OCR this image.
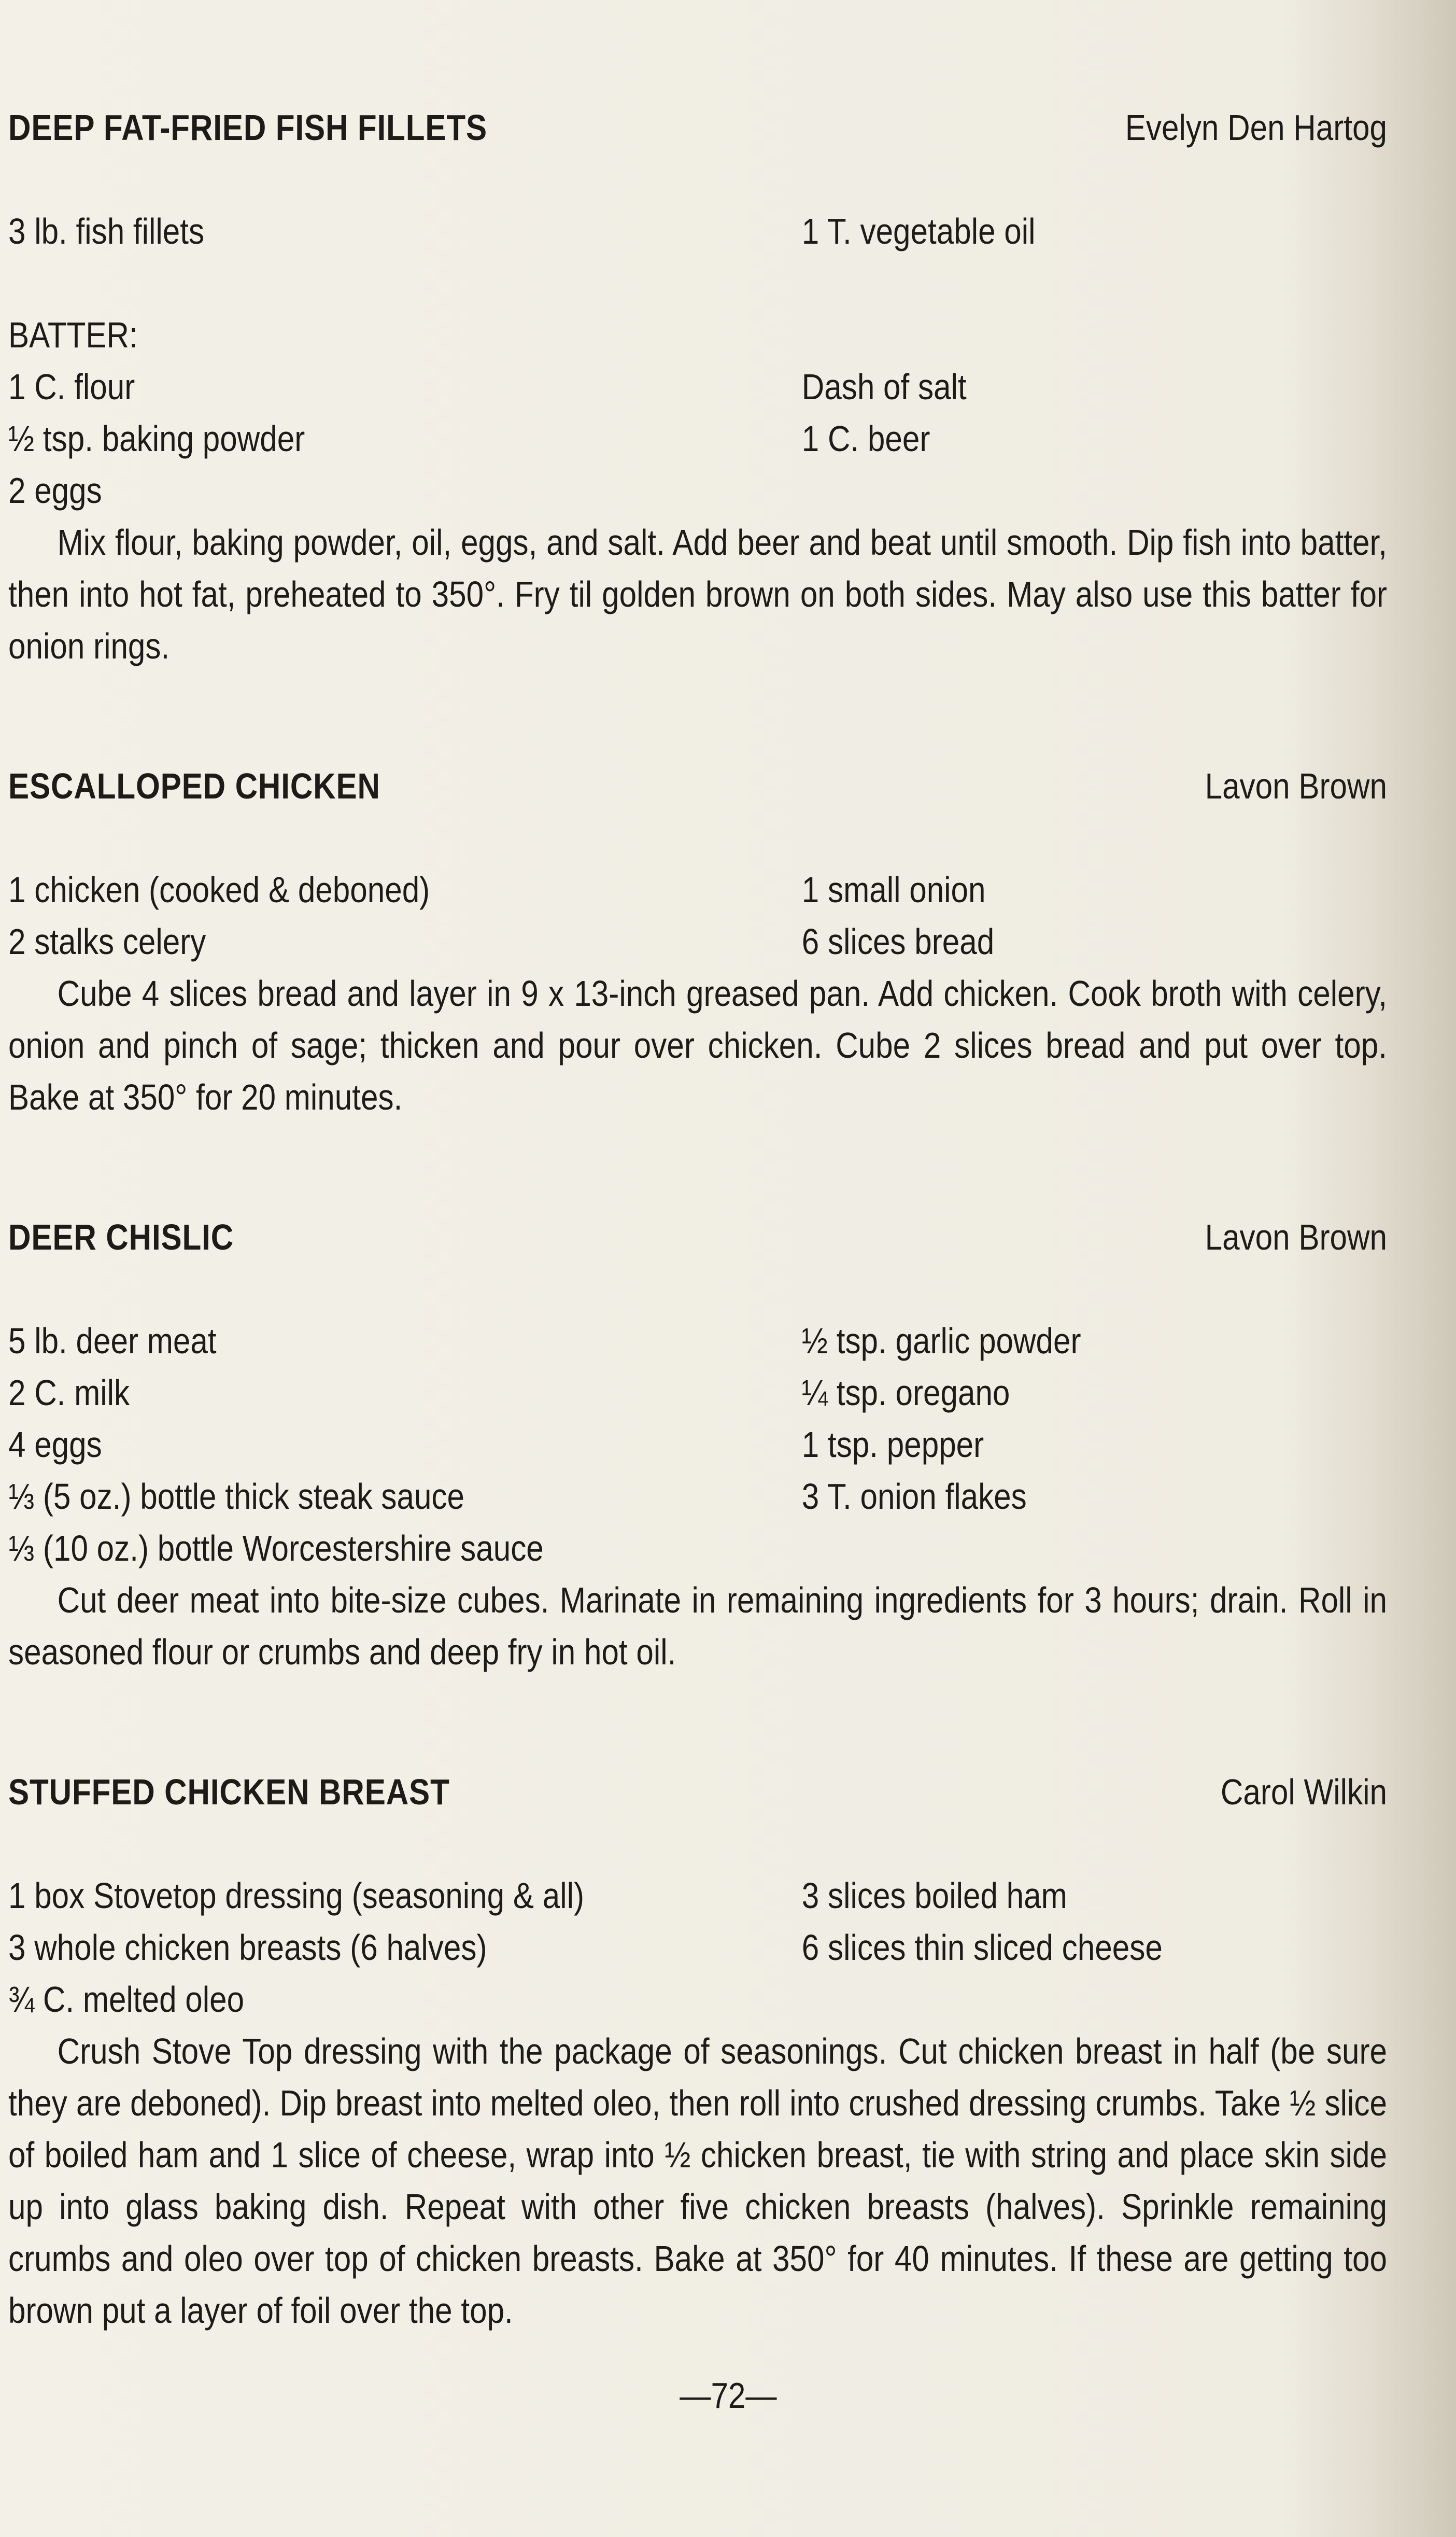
DEEP FAT-FRIED FISH FILLETS	Evelyn Den Hartog
3 lb. fish fillets	1 T. vegetable oil
BATTER:
1 C. flour	Dash of salt
½ tsp. baking powder	1 C. beer
2 eggs

Mix flour, baking powder, oil, eggs, and salt. Add beer and beat until smooth. Dip fish into batter, then into hot fat, preheated to 350°. Fry til golden brown on both sides. May also use this batter for onion rings.

ESCALLOPED CHICKEN	Lavon Brown
1 chicken (cooked & deboned)	1 small onion
2 stalks celery	6 slices bread

Cube 4 slices bread and layer in 9 x 13-inch greased pan. Add chicken. Cook broth with celery, onion and pinch of sage; thicken and pour over chicken. Cube 2 slices bread and put over top. Bake at 350° for 20 minutes.

DEER CHISLIC	Lavon Brown
5 lb. deer meat	½ tsp. garlic powder
2 C. milk	¼ tsp. oregano
4 eggs	1 tsp. pepper
⅓ (5 oz.) bottle thick steak sauce	3 T. onion flakes
⅓ (10 oz.) bottle Worcestershire sauce

Cut deer meat into bite-size cubes. Marinate in remaining ingredients for 3 hours; drain. Roll in seasoned flour or crumbs and deep fry in hot oil.

STUFFED CHICKEN BREAST	Carol Wilkin
1 box Stovetop dressing (seasoning & all)	3 slices boiled ham
3 whole chicken breasts (6 halves)	6 slices thin sliced cheese
¾ C. melted oleo

Crush Stove Top dressing with the package of seasonings. Cut chicken breast in half (be sure they are deboned). Dip breast into melted oleo, then roll into crushed dressing crumbs. Take ½ slice of boiled ham and 1 slice of cheese, wrap into ½ chicken breast, tie with string and place skin side up into glass baking dish. Repeat with other five chicken breasts (halves). Sprinkle remaining crumbs and oleo over top of chicken breasts. Bake at 350° for 40 minutes. If these are getting too brown put a layer of foil over the top.

—72—
